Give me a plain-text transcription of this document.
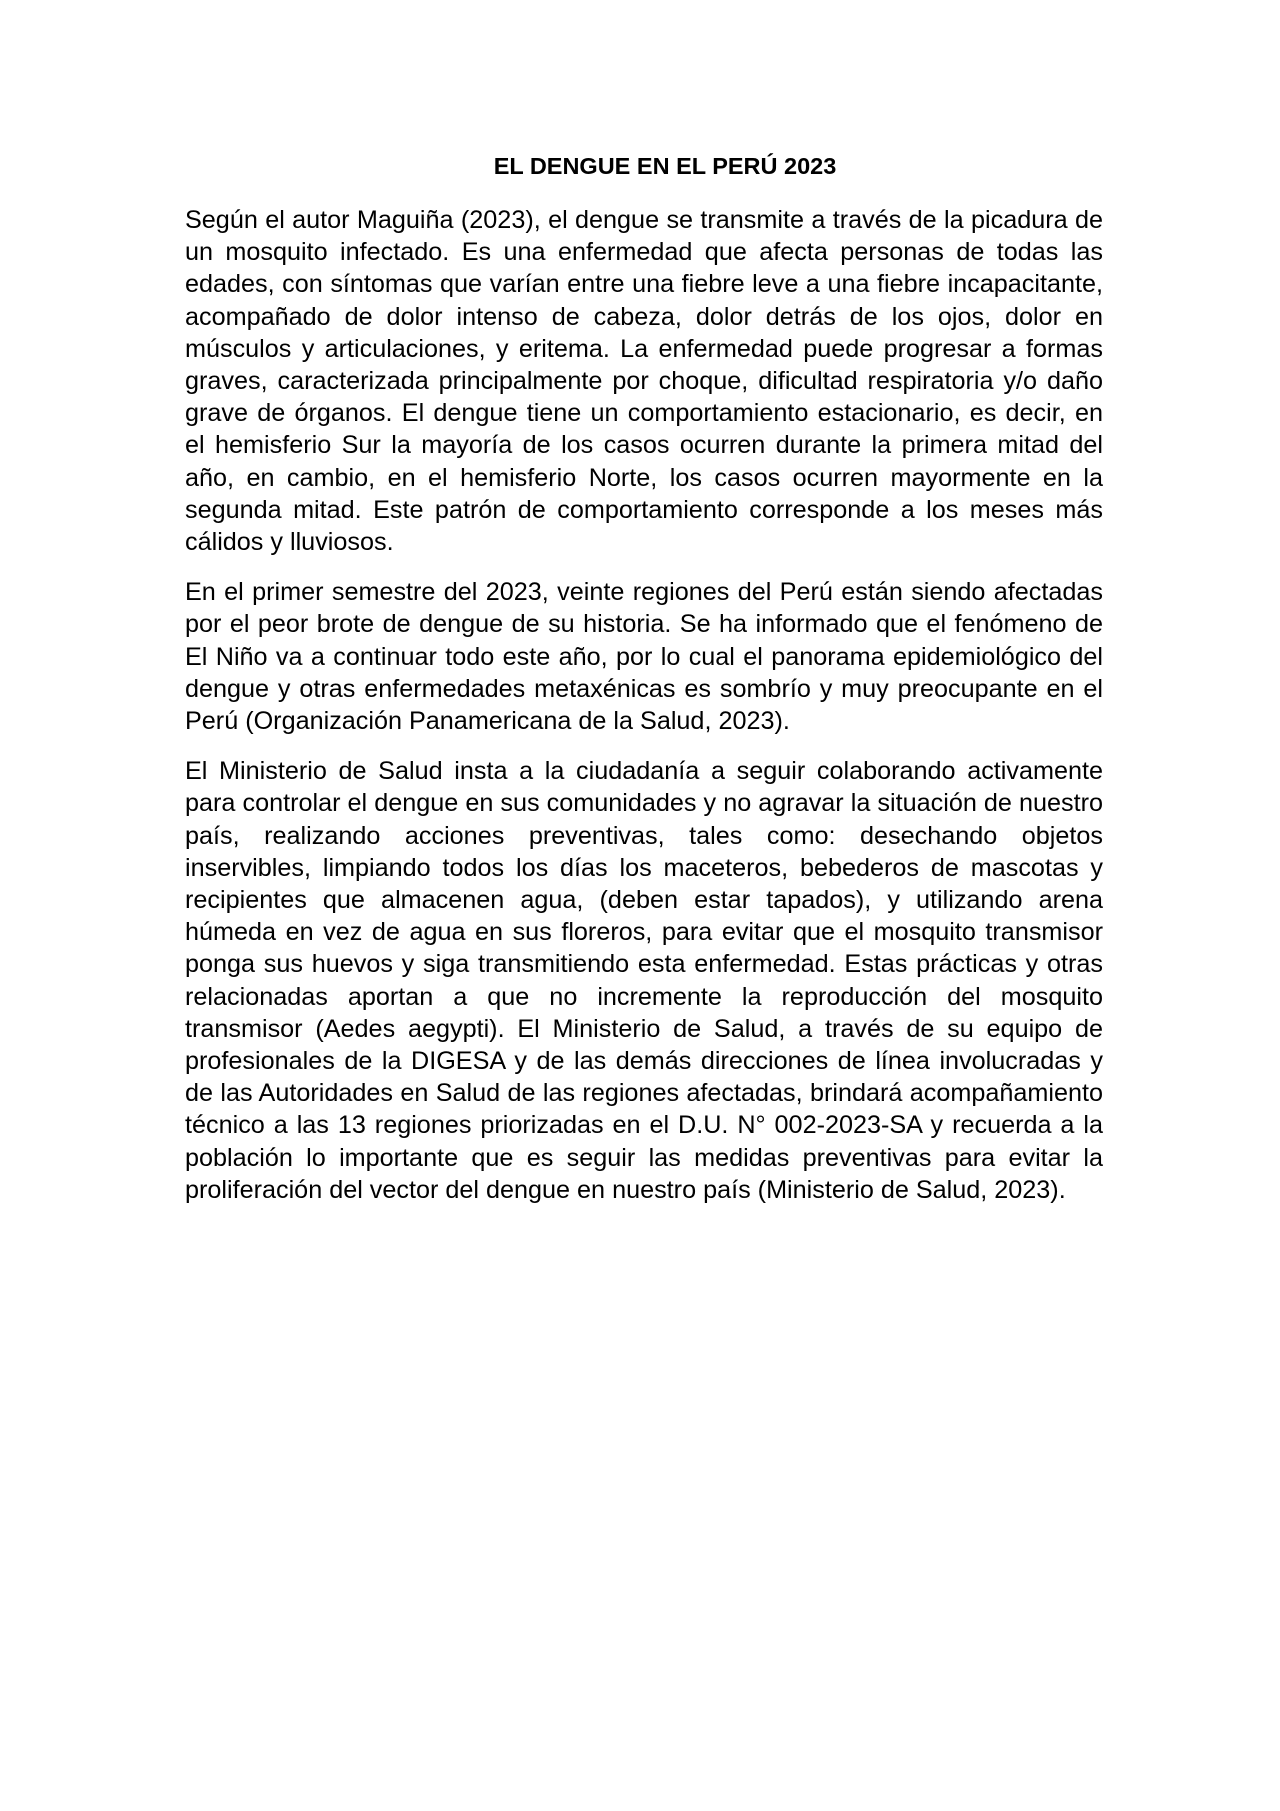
EL DENGUE EN EL PERÚ 2023

Según el autor Maguiña (2023), el dengue se transmite a través de la picadura de un mosquito infectado. Es una enfermedad que afecta personas de todas las edades, con síntomas que varían entre una fiebre leve a una fiebre incapacitante, acompañado de dolor intenso de cabeza, dolor detrás de los ojos, dolor en músculos y articulaciones, y eritema. La enfermedad puede progresar a formas graves, caracterizada principalmente por choque, dificultad respiratoria y/o daño grave de órganos. El dengue tiene un comportamiento estacionario, es decir, en el hemisferio Sur la mayoría de los casos ocurren durante la primera mitad del año, en cambio, en el hemisferio Norte, los casos ocurren mayormente en la segunda mitad. Este patrón de comportamiento corresponde a los meses más cálidos y lluviosos.

En el primer semestre del 2023, veinte regiones del Perú están siendo afectadas por el peor brote de dengue de su historia. Se ha informado que el fenómeno de El Niño va a continuar todo este año, por lo cual el panorama epidemiológico del dengue y otras enfermedades metaxénicas es sombrío y muy preocupante en el Perú (Organización Panamericana de la Salud, 2023).

El Ministerio de Salud insta a la ciudadanía a seguir colaborando activamente para controlar el dengue en sus comunidades y no agravar la situación de nuestro país, realizando acciones preventivas, tales como: desechando objetos inservibles, limpiando todos los días los maceteros, bebederos de mascotas y recipientes que almacenen agua, (deben estar tapados), y utilizando arena húmeda en vez de agua en sus floreros, para evitar que el mosquito transmisor ponga sus huevos y siga transmitiendo esta enfermedad. Estas prácticas y otras relacionadas aportan a que no incremente la reproducción del mosquito transmisor (Aedes aegypti). El Ministerio de Salud, a través de su equipo de profesionales de la DIGESA y de las demás direcciones de línea involucradas y de las Autoridades en Salud de las regiones afectadas, brindará acompañamiento técnico a las 13 regiones priorizadas en el D.U. N° 002-2023-SA y recuerda a la población lo importante que es seguir las medidas preventivas para evitar la proliferación del vector del dengue en nuestro país (Ministerio de Salud, 2023).
